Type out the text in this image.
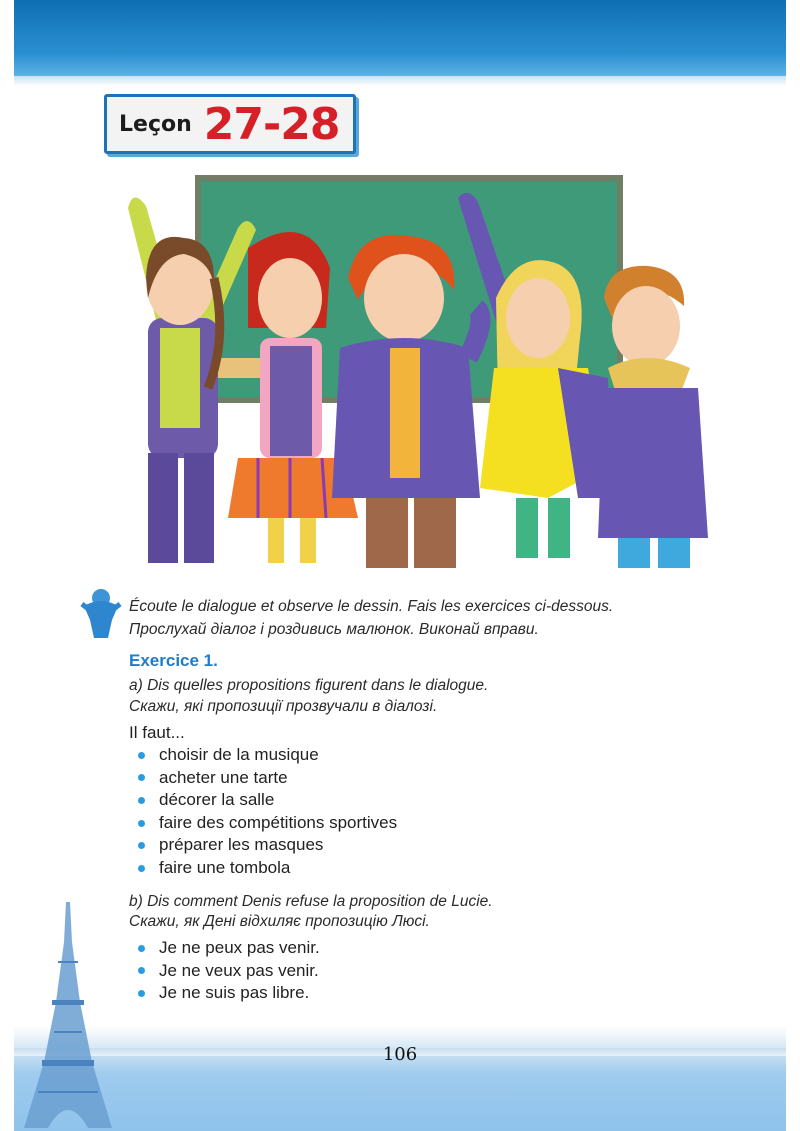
Leçon 27-28
Écoute le dialogue et observe le dessin. Fais les exercices ci-dessous.
Прослухай діалог і роздивись малюнок. Виконай вправи.
Exercice 1.
a) Dis quelles propositions figurent dans le dialogue.
Скажи, які пропозиції прозвучали в діалозі.
Il faut...
choisir de la musique
acheter une tarte
décorer la salle
faire des compétitions sportives
préparer les masques
faire une tombola
b) Dis comment Denis refuse la proposition de Lucie.
Скажи, як Дені відхиляє пропозицію Люсі.
Je ne peux pas venir.
Je ne veux pas venir.
Je ne suis pas libre.
106
